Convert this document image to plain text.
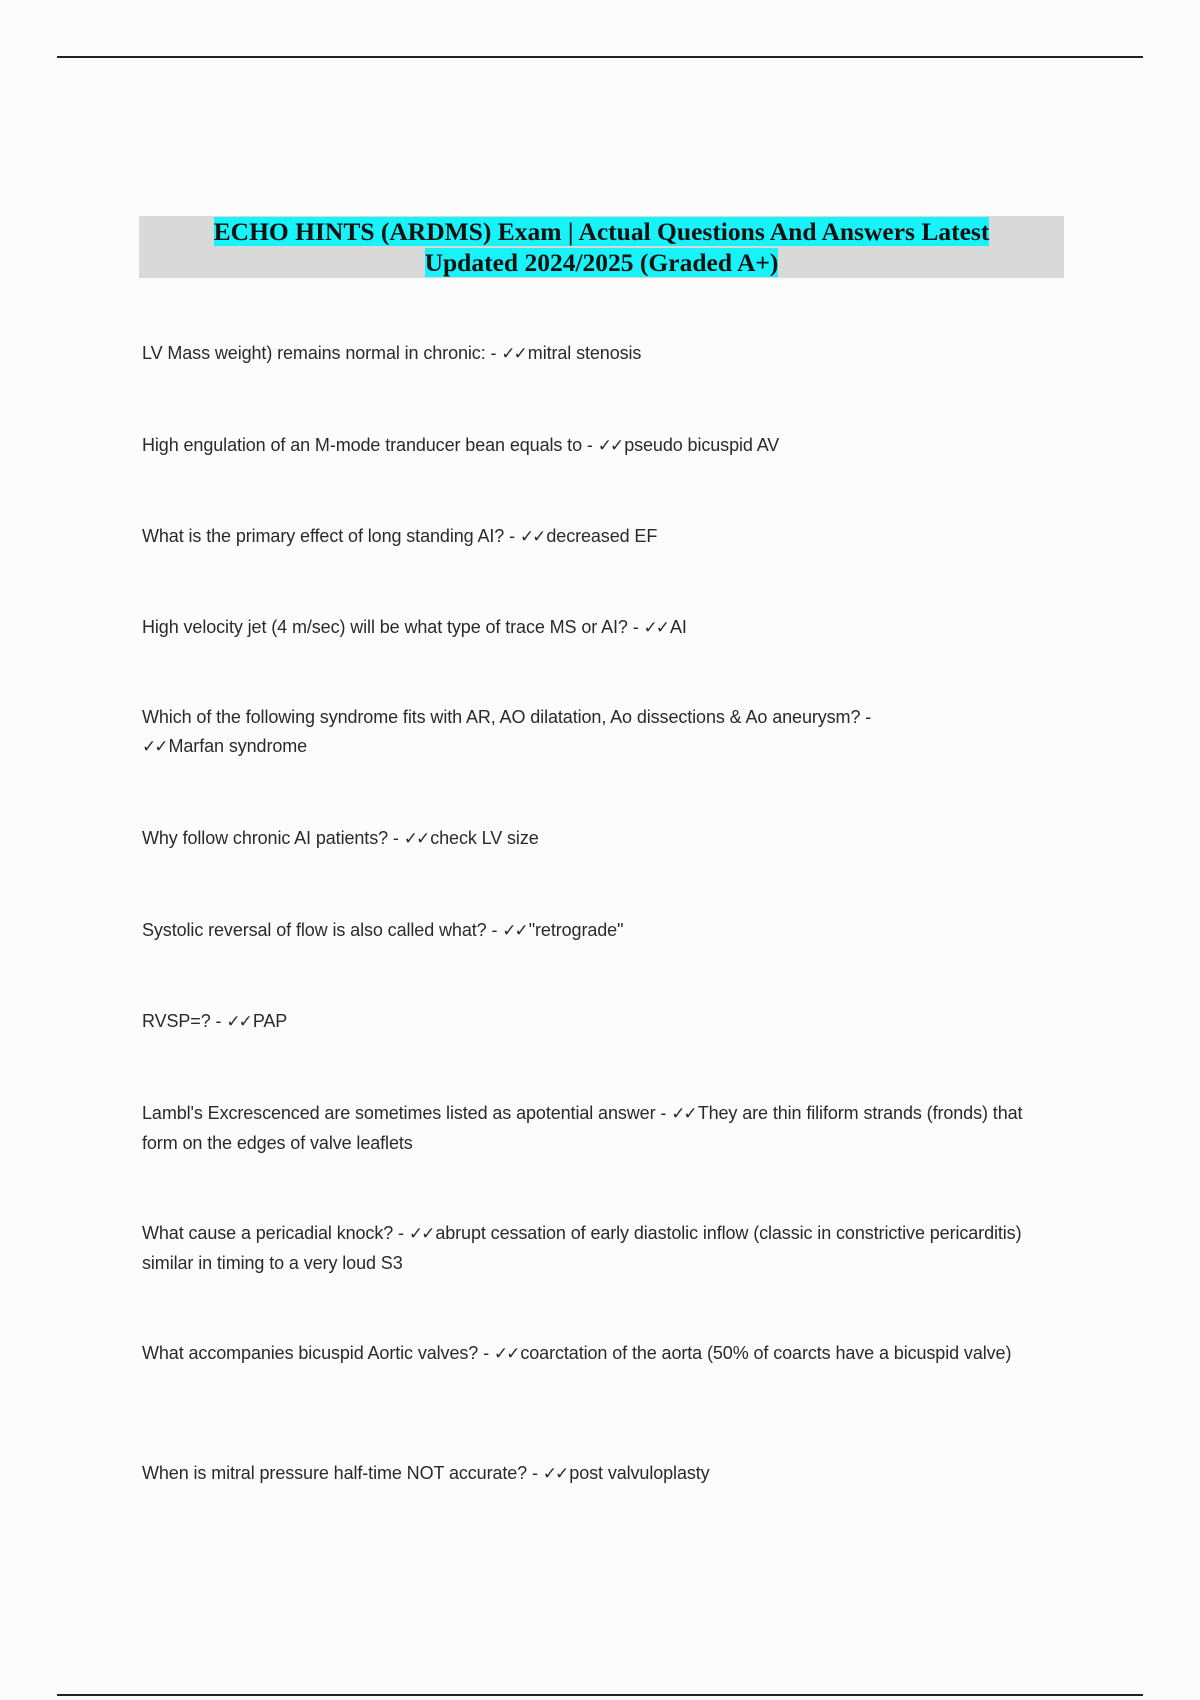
ECHO HINTS (ARDMS) Exam | Actual Questions And Answers Latest
Updated 2024/2025 (Graded A+)
LV Mass weight) remains normal in chronic: - ✓✓ mitral stenosis
High engulation of an M-mode tranducer bean equals to - ✓✓ pseudo bicuspid AV
What is the primary effect of long standing AI? - ✓✓ decreased EF
High velocity jet (4 m/sec) will be what type of trace MS or AI? - ✓✓ AI
Which of the following syndrome fits with AR, AO dilatation, Ao dissections & Ao aneurysm? -
✓✓ Marfan syndrome
Why follow chronic AI patients? - ✓✓ check LV size
Systolic reversal of flow is also called what? - ✓✓ "retrograde"
RVSP=? - ✓✓ PAP
Lambl's Excrescenced are sometimes listed as apotential answer - ✓✓ They are thin filiform strands (fronds) that form on the edges of valve leaflets
What cause a pericadial knock? - ✓✓ abrupt cessation of early diastolic inflow (classic in constrictive pericarditis) similar in timing to a very loud S3
What accompanies bicuspid Aortic valves? - ✓✓ coarctation of the aorta (50% of coarcts have a bicuspid valve)
When is mitral pressure half-time NOT accurate? - ✓✓ post valvuloplasty
